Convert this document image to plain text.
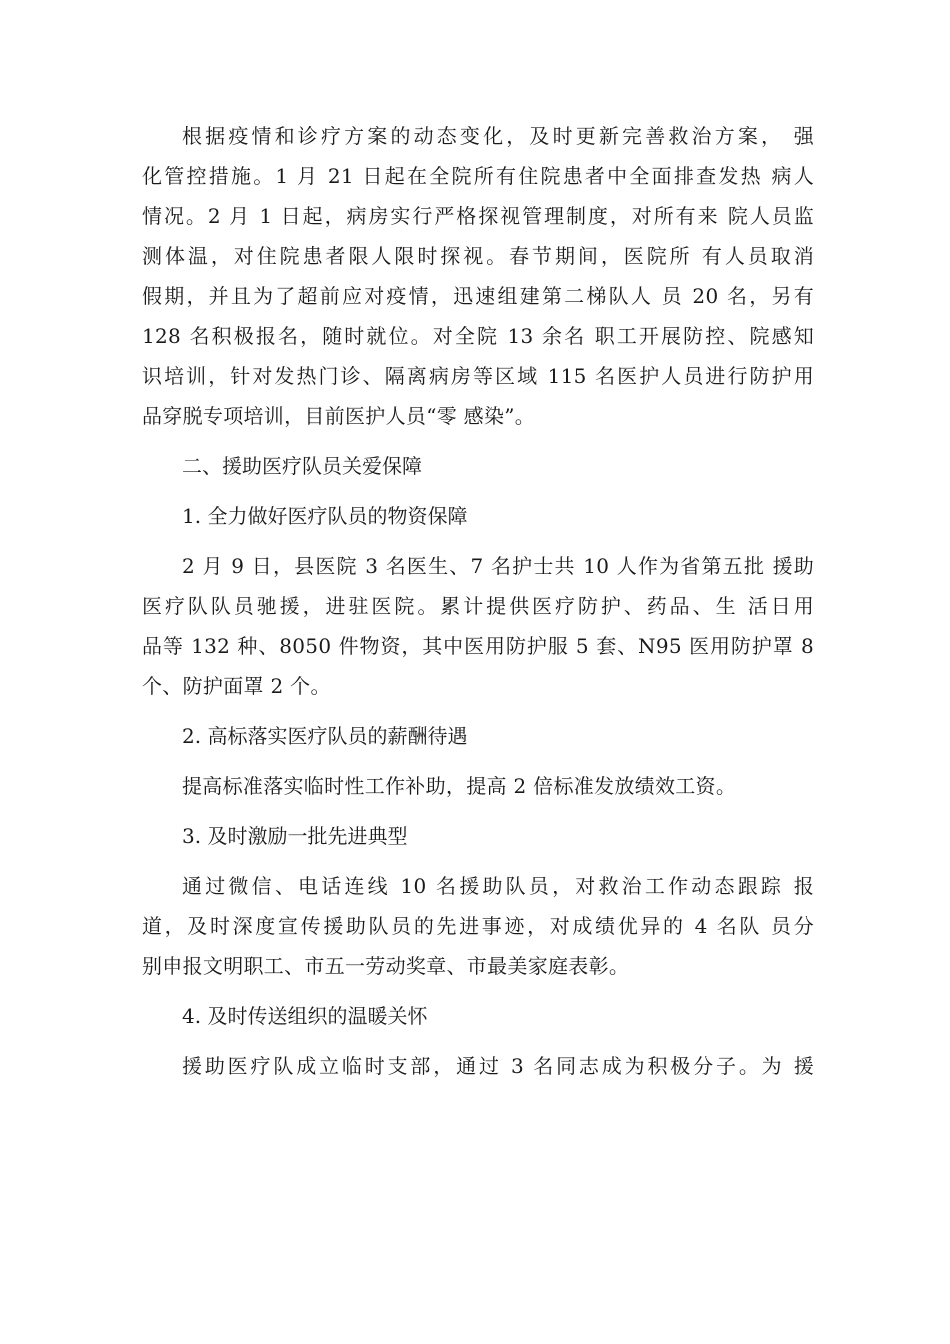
根据疫情和诊疗方案的动态变化，及时更新完善救治方案， 强
化管控措施。1 月 21 日起在全院所有住院患者中全面排查发热 病人
情况。2 月 1 日起，病房实行严格探视管理制度，对所有来 院人员监
测体温，对住院患者限人限时探视。春节期间，医院所 有人员取消
假期，并且为了超前应对疫情，迅速组建第二梯队人 员 20 名，另有
128 名积极报名，随时就位。对全院 13 余名 职工开展防控、院感知
识培训，针对发热门诊、隔离病房等区域 115 名医护人员进行防护用
品穿脱专项培训，目前医护人员“零 感染”。

二、援助医疗队员关爱保障

1. 全力做好医疗队员的物资保障

2 月 9 日，县医院 3 名医生、7 名护士共 10 人作为省第五批 援助
医疗队队员驰援，进驻医院。累计提供医疗防护、药品、生 活日用
品等 132 种、8050 件物资，其中医用防护服 5 套、N95 医用防护罩 8
个、防护面罩 2 个。

2. 高标落实医疗队员的薪酬待遇

提高标准落实临时性工作补助，提高 2 倍标准发放绩效工资。

3. 及时激励一批先进典型

通过微信、电话连线 10 名援助队员，对救治工作动态跟踪 报
道，及时深度宣传援助队员的先进事迹，对成绩优异的 4 名队 员分
别申报文明职工、市五一劳动奖章、市最美家庭表彰。

4. 及时传送组织的温暖关怀

援助医疗队成立临时支部，通过 3 名同志成为积极分子。为 援
